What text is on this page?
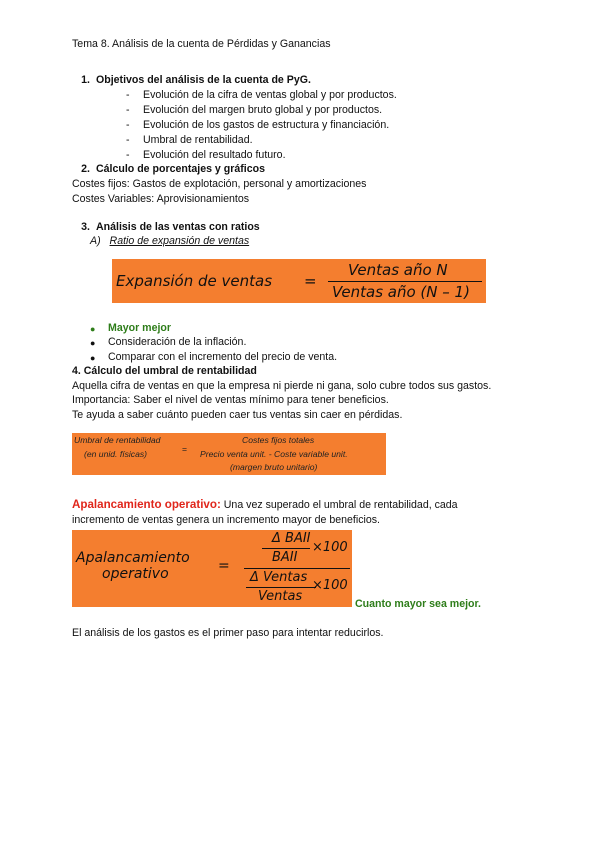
Tema 8. Análisis de la cuenta de Pérdidas y Ganancias
1. Objetivos del análisis de la cuenta de PyG.
- Evolución de la cifra de ventas global y por productos.
- Evolución del margen bruto global y por productos.
- Evolución de los gastos de estructura y financiación.
- Umbral de rentabilidad.
- Evolución del resultado futuro.
2. Cálculo de porcentajes y gráficos
Costes fijos: Gastos de explotación, personal y amortizaciones
Costes Variables: Aprovisionamientos
3. Análisis de las ventas con ratios
A) Ratio de expansión de ventas
Expansión de ventas =
Ventas año N
Ventas año (N – 1)
● Mayor mejor
● Consideración de la inflación.
● Comparar con el incremento del precio de venta.
4. Cálculo del umbral de rentabilidad
Aquella cifra de ventas en que la empresa ni pierde ni gana, solo cubre todos sus gastos.
Importancia: Saber el nivel de ventas mínimo para tener beneficios.
Te ayuda a saber cuánto pueden caer tus ventas sin caer en pérdidas.
Umbral de rentabilidad
(en unid. físicas)	=
Costes fijos totales
Precio venta unit. - Coste variable unit.
(margen bruto unitario)
Apalancamiento operativo: Una vez superado el umbral de rentabilidad, cada
incremento de ventas genera un incremento mayor de beneficios.
Apalancamiento
operativo	=
Δ BAII
BAII
×100
Δ Ventas
Ventas
×100
Cuanto mayor sea mejor.
El análisis de los gastos es el primer paso para intentar reducirlos.
